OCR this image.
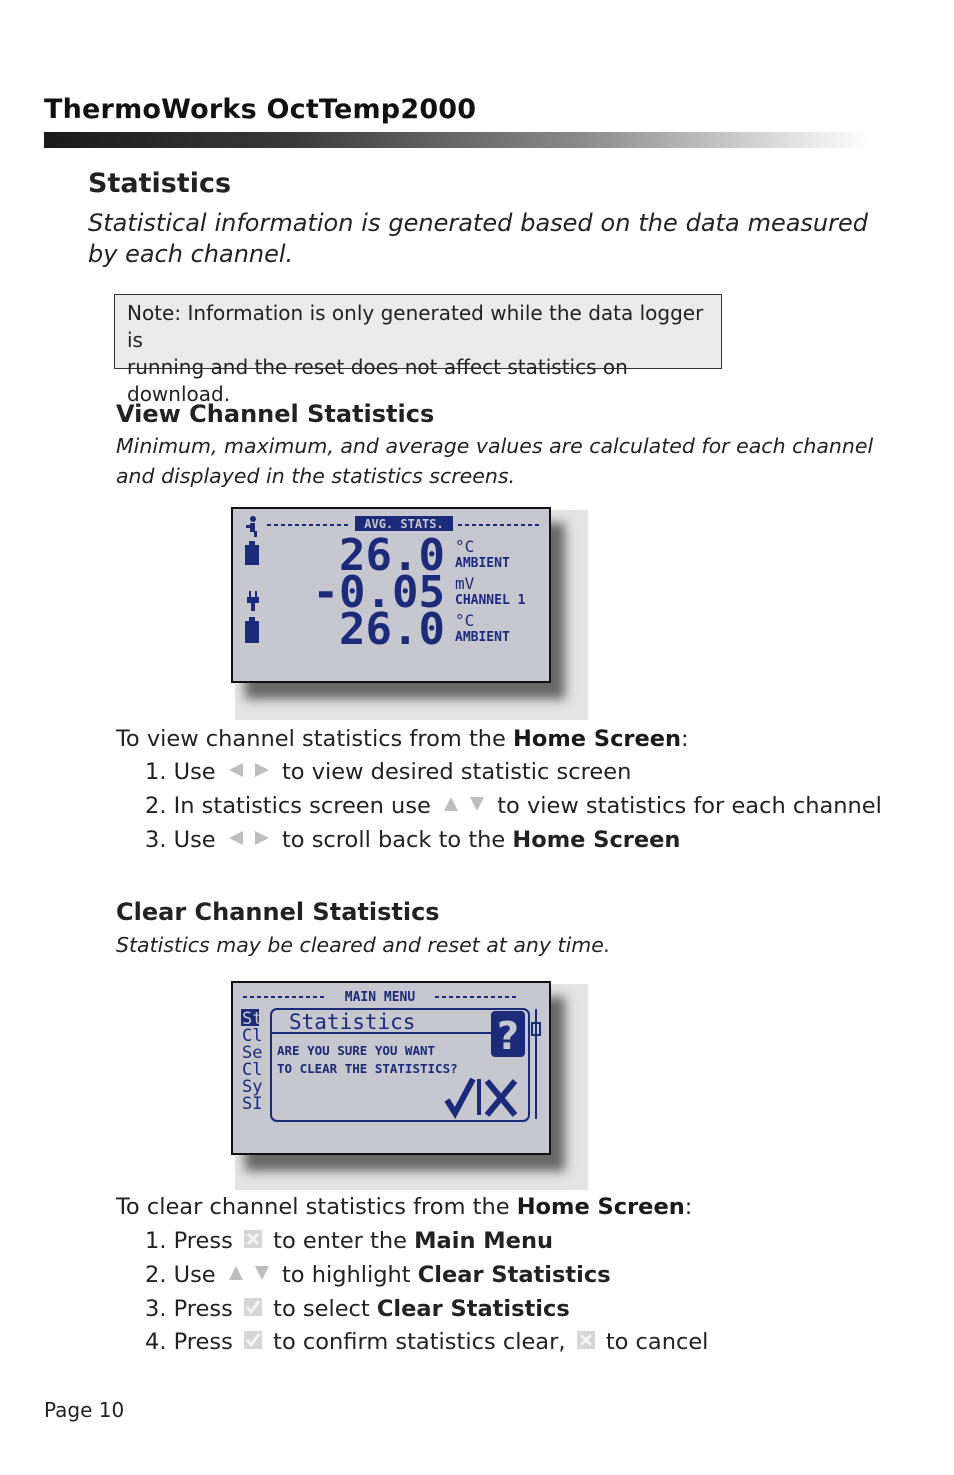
ThermoWorks OctTemp2000
Statistics
Statistical information is generated based on the data measured by each channel.
Note: Information is only generated while the data logger is
running and the reset does not affect statistics on download.
View Channel Statistics
Minimum, maximum, and average values are calculated for each channel
and displayed in the statistics screens.
AVG. STATS.
26.0 °C
AMBIENT
-0.05 mV
CHANNEL 1
26.0 °C
AMBIENT
To view channel statistics from the Home Screen:
1. Use	to view desired statistic screen
2. In statistics screen use	to view statistics for each channel
3. Use	to scroll back to the Home Screen
Clear Channel Statistics
Statistics may be cleared and reset at any time.
MAIN MENU
St
Cl
Se
Cl
Sy
SI
Statistics
ARE YOU SURE YOU WANT
TO CLEAR THE STATISTICS?
?
To clear channel statistics from the Home Screen:
1. Press to enter the Main Menu
2. Use	to highlight Clear Statistics
3. Press to select Clear Statistics
4. Press to confirm statistics clear, to cancel
Page 10
